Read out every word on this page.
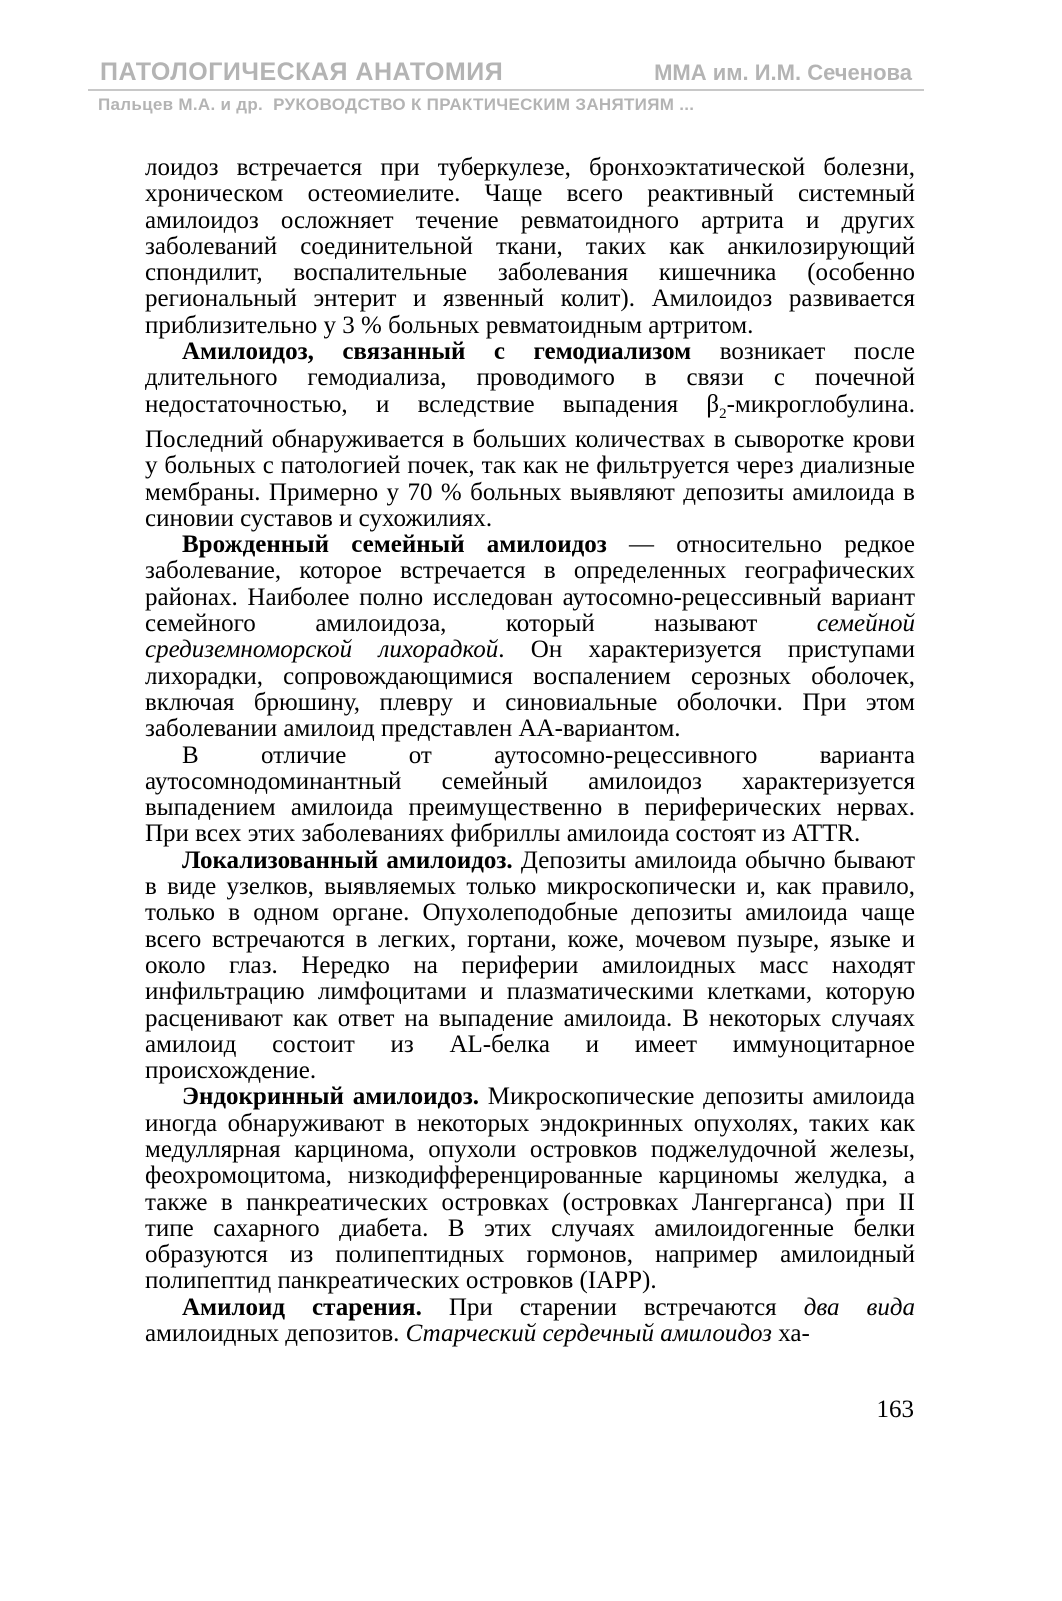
ПАТОЛОГИЧЕСКАЯ АНАТОМИЯ	ММА им. И.М. Сеченова
Пальцев М.А. и др. РУКОВОДСТВО К ПРАКТИЧЕСКИМ ЗАНЯТИЯМ ...

лоидоз встречается при туберкулезе, бронхоэктатической болезни, хроническом остеомиелите. Чаще всего реактивный системный амилоидоз осложняет течение ревматоидного артрита и других заболеваний соединительной ткани, таких как анкилозирующий спондилит, воспалительные заболевания кишечника (особенно региональный энтерит и язвенный колит). Амилоидоз развивается приблизительно у 3 % больных ревматоидным артритом.

Амилоидоз, связанный с гемодиализом возникает после длительного гемодиализа, проводимого в связи с почечной недостаточностью, и вследствие выпадения $\beta_2$-микроглобулина. Последний обнаруживается в больших количествах в сыворотке крови у больных с патологией почек, так как не фильтруется через диализные мембраны. Примерно у 70 % больных выявляют депозиты амилоида в синовии суставов и сухожилиях.

Врожденный семейный амилоидоз — относительно редкое заболевание, которое встречается в определенных географических районах. Наиболее полно исследован аутосомно-рецессивный вариант семейного амилоидоза, который называют семейной средиземноморской лихорадкой. Он характеризуется приступами лихорадки, сопровождающимися воспалением серозных оболочек, включая брюшину, плевру и синовиальные оболочки. При этом заболевании амилоид представлен АА-вариантом.

В отличие от аутосомно-рецессивного варианта аутосомнодоминантный семейный амилоидоз характеризуется выпадением амилоида преимущественно в периферических нервах. При всех этих заболеваниях фибриллы амилоида состоят из ATTR.

Локализованный амилоидоз. Депозиты амилоида обычно бывают в виде узелков, выявляемых только микроскопически и, как правило, только в одном органе. Опухолеподобные депозиты амилоида чаще всего встречаются в легких, гортани, коже, мочевом пузыре, языке и около глаз. Нередко на периферии амилоидных масс находят инфильтрацию лимфоцитами и плазматическими клетками, которую расценивают как ответ на выпадение амилоида. В некоторых случаях амилоид состоит из AL-белка и имеет иммуноцитарное происхождение.

Эндокринный амилоидоз. Микроскопические депозиты амилоида иногда обнаруживают в некоторых эндокринных опухолях, таких как медуллярная карцинома, опухоли островков поджелудочной железы, феохромоцитома, низкодифференцированные карциномы желудка, а также в панкреатических островках (островках Лангерганса) при II типе сахарного диабета. В этих случаях амилоидогенные белки образуются из полипептидных гормонов, например амилоидный полипептид панкреатических островков (IAPP).

Амилоид старения. При старении встречаются два вида амилоидных депозитов. Старческий сердечный амилоидоз ха-

163
